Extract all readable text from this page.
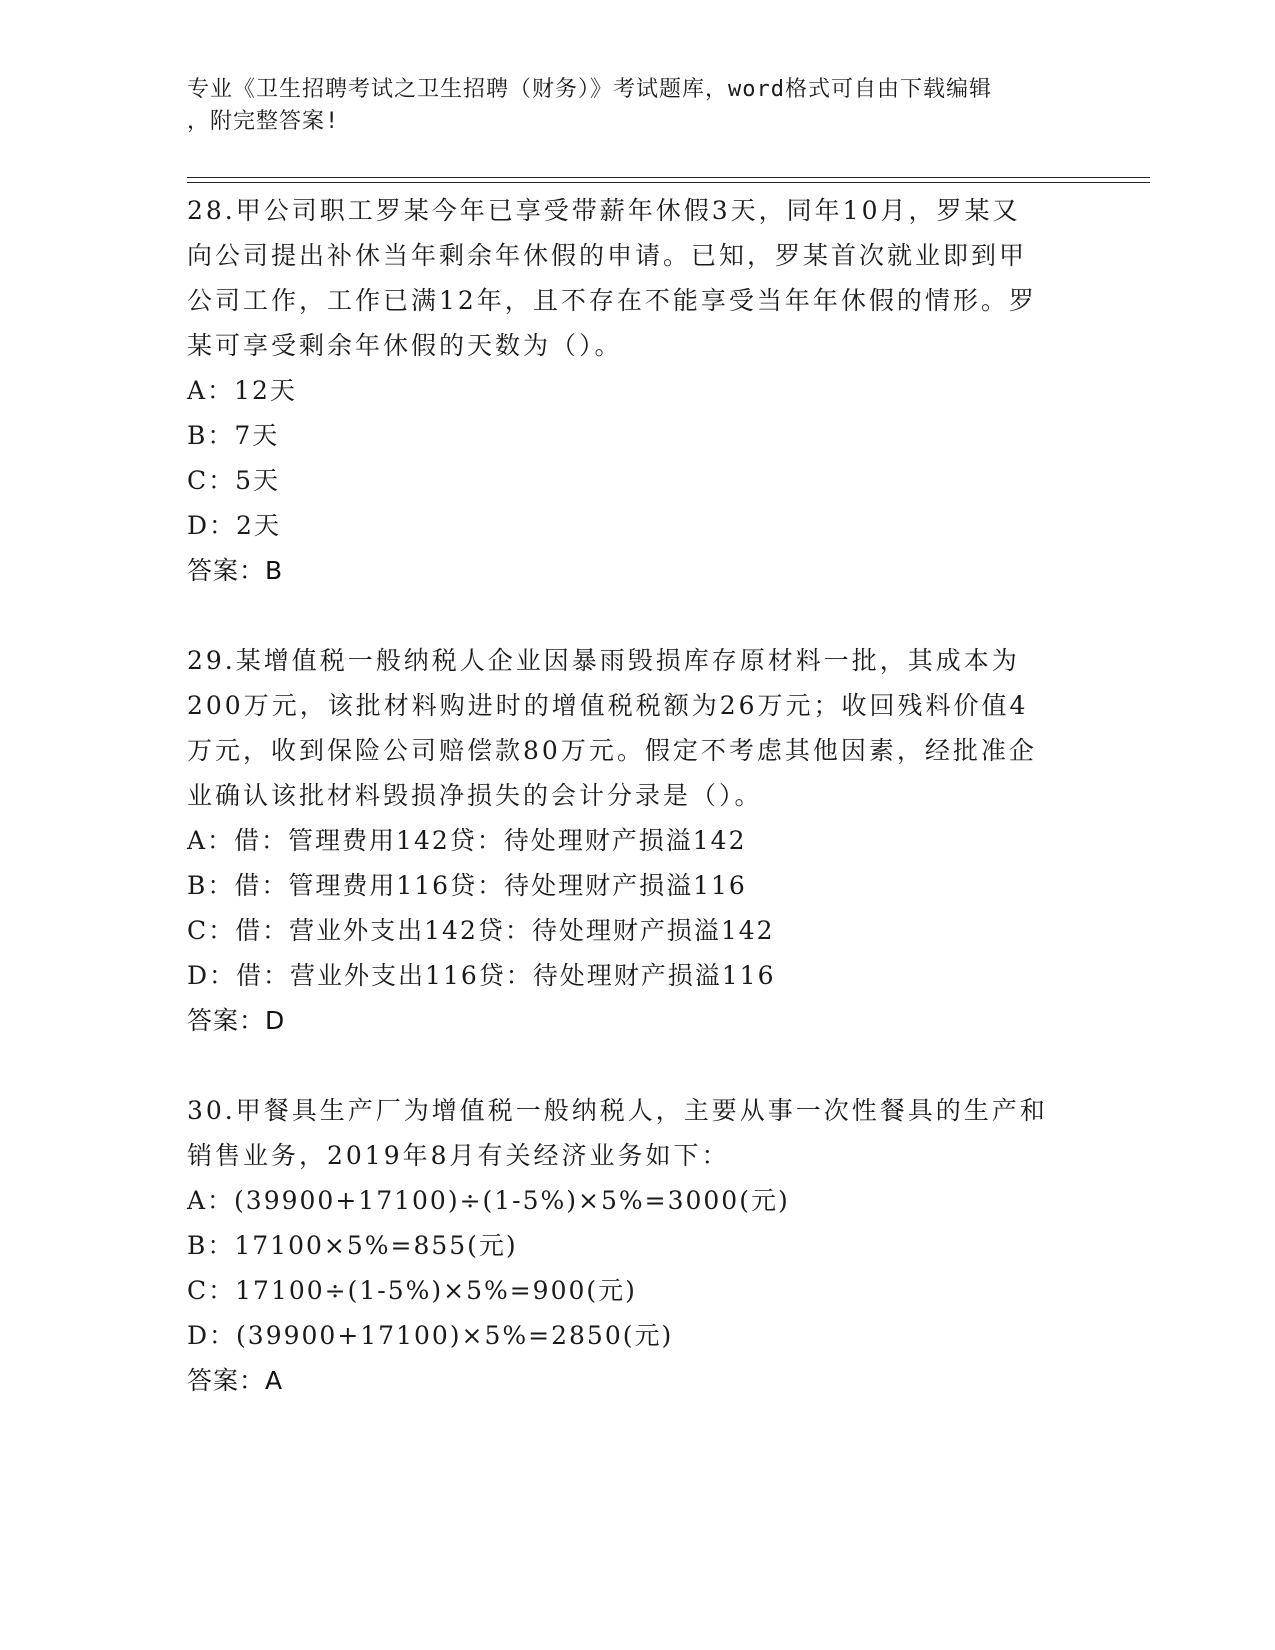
专业《卫生招聘考试之卫生招聘（财务）》考试题库，word格式可自由下载编辑
，附完整答案!
28.甲公司职工罗某今年已享受带薪年休假3天，同年10月，罗某又
向公司提出补休当年剩余年休假的申请。已知，罗某首次就业即到甲
公司工作，工作已满12年，且不存在不能享受当年年休假的情形。罗
某可享受剩余年休假的天数为（）。
A：12天
B：7天
C：5天
D：2天
答案：B
29.某增值税一般纳税人企业因暴雨毁损库存原材料一批，其成本为
200万元，该批材料购进时的增值税税额为26万元；收回残料价值4
万元，收到保险公司赔偿款80万元。假定不考虑其他因素，经批准企
业确认该批材料毁损净损失的会计分录是（）。
A：借：管理费用142贷：待处理财产损溢142
B：借：管理费用116贷：待处理财产损溢116
C：借：营业外支出142贷：待处理财产损溢142
D：借：营业外支出116贷：待处理财产损溢116
答案：D
30.甲餐具生产厂为增值税一般纳税人，主要从事一次性餐具的生产和
销售业务，2019年8月有关经济业务如下：
A：(39900+17100)÷(1-5%)×5%=3000(元)
B：17100×5%=855(元)
C：17100÷(1-5%)×5%=900(元)
D：(39900+17100)×5%=2850(元)
答案：A
